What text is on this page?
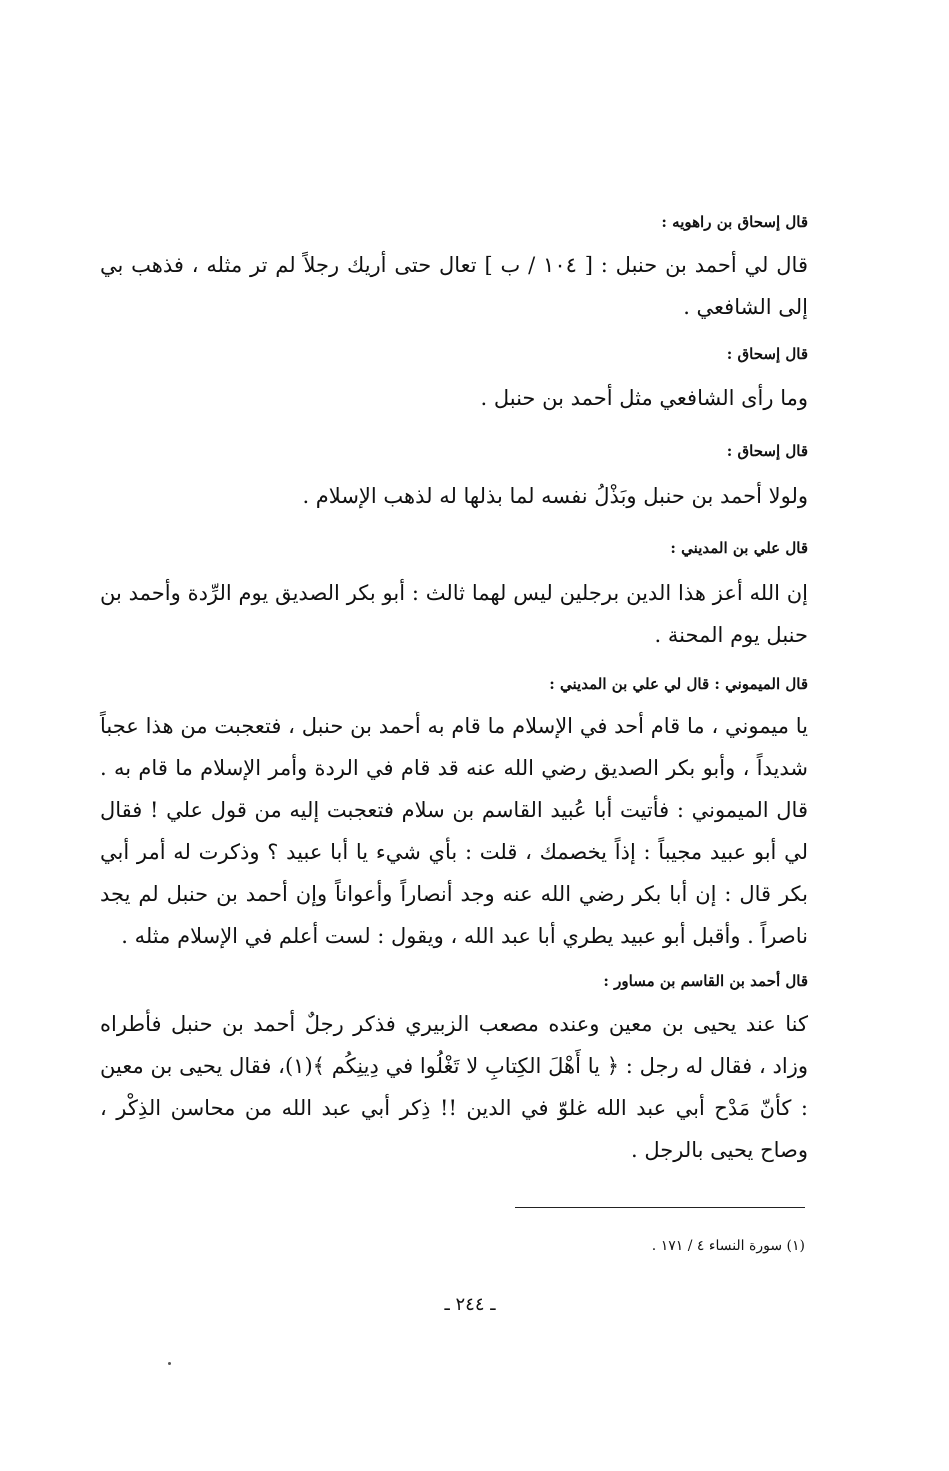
قال إسحاق بن راهويه :
قال لي أحمد بن حنبل : [ ١٠٤ / ب ] تعال حتى أريك رجلاً لم تر مثله ، فذهب بي إلى الشافعي .
قال إسحاق :
وما رأى الشافعي مثل أحمد بن حنبل .
قال إسحاق :
ولولا أحمد بن حنبل وبَذْلُ نفسه لما بذلها له لذهب الإسلام .
قال علي بن المديني :
إن الله أعز هذا الدين برجلين ليس لهما ثالث : أبو بكر الصديق يوم الرِّدة وأحمد بن حنبل يوم المحنة .
قال الميموني : قال لي علي بن المديني :
يا ميموني ، ما قام أحد في الإسلام ما قام به أحمد بن حنبل ، فتعجبت من هذا عجباً شديداً ، وأبو بكر الصديق رضي الله عنه قد قام في الردة وأمر الإسلام ما قام به . قال الميموني : فأتيت أبا عُبيد القاسم بن سلام فتعجبت إليه من قول علي ! فقال لي أبو عبيد مجيباً : إذاً يخصمك ، قلت : بأي شيء يا أبا عبيد ؟ وذكرت له أمر أبي بكر قال : إن أبا بكر رضي الله عنه وجد أنصاراً وأعواناً وإن أحمد بن حنبل لم يجد ناصراً . وأقبل أبو عبيد يطري أبا عبد الله ، ويقول : لست أعلم في الإسلام مثله .
قال أحمد بن القاسم بن مساور :
كنا عند يحيى بن معين وعنده مصعب الزبيري فذكر رجلٌ أحمد بن حنبل فأطراه وزاد ، فقال له رجل : ﴿ يا أَهْلَ الكِتابِ لا تَغْلُوا في دِينِكُم ﴾(١)، فقال يحيى بن معين : كأنّ مَدْح أبي عبد الله غلوّ في الدين !! ذِكر أبي عبد الله من محاسن الذِكْر ، وصاح يحيى بالرجل .
(١) سورة النساء ٤ / ١٧١ .
ـ ٢٤٤ ـ
